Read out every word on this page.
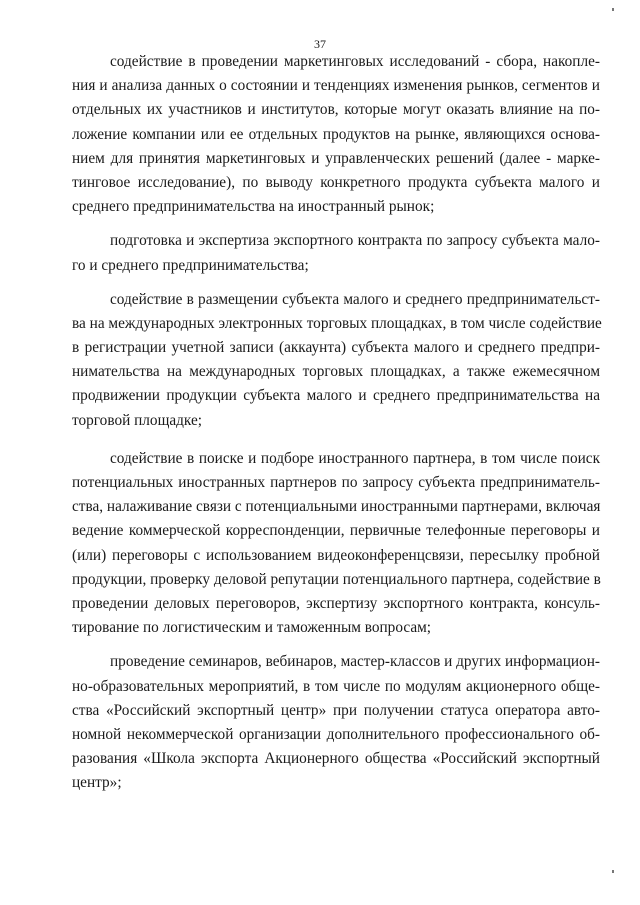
37
содействие в проведении маркетинговых исследований - сбора, накопле-
ния и анализа данных о состоянии и тенденциях изменения рынков, сегментов и
отдельных их участников и институтов, которые могут оказать влияние на по-
ложение компании или ее отдельных продуктов на рынке, являющихся основа-
нием для принятия маркетинговых и управленческих решений (далее - марке-
тинговое исследование), по выводу конкретного продукта субъекта малого и
среднего предпринимательства на иностранный рынок;
подготовка и экспертиза экспортного контракта по запросу субъекта мало-
го и среднего предпринимательства;
содействие в размещении субъекта малого и среднего предпринимательст-
ва на международных электронных торговых площадках, в том числе содействие
в регистрации учетной записи (аккаунта) субъекта малого и среднего предпри-
нимательства на международных торговых площадках, а также ежемесячном
продвижении продукции субъекта малого и среднего предпринимательства на
торговой площадке;
содействие в поиске и подборе иностранного партнера, в том числе поиск
потенциальных иностранных партнеров по запросу субъекта предприниматель-
ства, налаживание связи с потенциальными иностранными партнерами, включая
ведение коммерческой корреспонденции, первичные телефонные переговоры и
(или) переговоры с использованием видеоконференцсвязи, пересылку пробной
продукции, проверку деловой репутации потенциального партнера, содействие в
проведении деловых переговоров, экспертизу экспортного контракта, консуль-
тирование по логистическим и таможенным вопросам;
проведение семинаров, вебинаров, мастер-классов и других информацион-
но-образовательных мероприятий, в том числе по модулям акционерного обще-
ства «Российский экспортный центр» при получении статуса оператора авто-
номной некоммерческой организации дополнительного профессионального об-
разования «Школа экспорта Акционерного общества «Российский экспортный
центр»;
